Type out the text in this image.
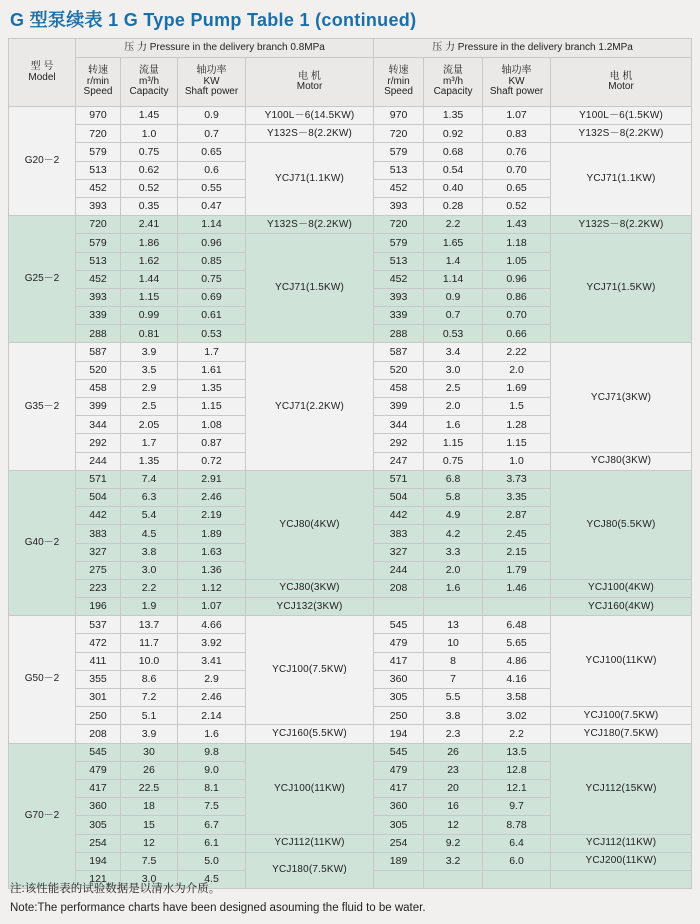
G 型泵续表 1 G Type Pump Table 1 (continued)
型 号
Model	压 力 Pressure in the delivery branch 0.8MPa				压 力 Pressure in the delivery branch 1.2MPa			

	转速
r/min
Speed	流量
m³/h
Capacity	轴功率
KW
Shaft power	电 机
Motor	转速
r/min
Speed	流量
m³/h
Capacity	轴功率
KW
Shaft power	电 机
Motor

G20－2	970	1.45	0.9	Y100L－6(14.5KW)	970	1.35	1.07	Y100L－6(1.5KW)
	720	1.0	0.7	Y132S－8(2.2KW)	720	0.92	0.83	Y132S－8(2.2KW)
	579	0.75	0.65	YCJ71(1.1KW)	579	0.68	0.76	YCJ71(1.1KW)
	513	0.62	0.6		513	0.54	0.70	
	452	0.52	0.55		452	0.40	0.65	
	393	0.35	0.47		393	0.28	0.52	
G25－2	720	2.41	1.14	Y132S－8(2.2KW)	720	2.2	1.43	Y132S－8(2.2KW)
	579	1.86	0.96	YCJ71(1.5KW)	579	1.65	1.18	YCJ71(1.5KW)
	513	1.62	0.85		513	1.4	1.05	
	452	1.44	0.75		452	1.14	0.96	
	393	1.15	0.69		393	0.9	0.86	
	339	0.99	0.61		339	0.7	0.70	
	288	0.81	0.53		288	0.53	0.66	
G35－2	587	3.9	1.7	YCJ71(2.2KW)	587	3.4	2.22	YCJ71(3KW)
	520	3.5	1.61		520	3.0	2.0	
	458	2.9	1.35		458	2.5	1.69	
	399	2.5	1.15		399	2.0	1.5	
	344	2.05	1.08		344	1.6	1.28	
	292	1.7	0.87		292	1.15	1.15	
	244	1.35	0.72		247	0.75	1.0	YCJ80(3KW)
G40－2	571	7.4	2.91	YCJ80(4KW)	571	6.8	3.73	YCJ80(5.5KW)
	504	6.3	2.46		504	5.8	3.35	
	442	5.4	2.19		442	4.9	2.87	
	383	4.5	1.89		383	4.2	2.45	
	327	3.8	1.63		327	3.3	2.15	
	275	3.0	1.36		244	2.0	1.79	
	223	2.2	1.12	YCJ80(3KW)	208	1.6	1.46	YCJ100(4KW)
	196	1.9	1.07	YCJ132(3KW)				YCJ160(4KW)
G50－2	537	13.7	4.66	YCJ100(7.5KW)	545	13	6.48	YCJ100(11KW)
	472	11.7	3.92		479	10	5.65	
	411	10.0	3.41		417	8	4.86	
	355	8.6	2.9		360	7	4.16	
	301	7.2	2.46		305	5.5	3.58	
	250	5.1	2.14		250	3.8	3.02	YCJ100(7.5KW)
	208	3.9	1.6	YCJ160(5.5KW)	194	2.3	2.2	YCJ180(7.5KW)
G70－2	545	30	9.8	YCJ100(11KW)	545	26	13.5	YCJ112(15KW)
	479	26	9.0		479	23	12.8	
	417	22.5	8.1		417	20	12.1	
	360	18	7.5		360	16	9.7	
	305	15	6.7		305	12	8.78	
	254	12	6.1	YCJ112(11KW)	254	9.2	6.4	YCJ112(11KW)
	194	7.5	5.0	YCJ180(7.5KW)	189	3.2	6.0	YCJ200(11KW)
	121	3.0	4.5					
注:该性能表的试验数据是以清水为介质。
Note:The performance charts have been designed asouming the fluid to be water.
